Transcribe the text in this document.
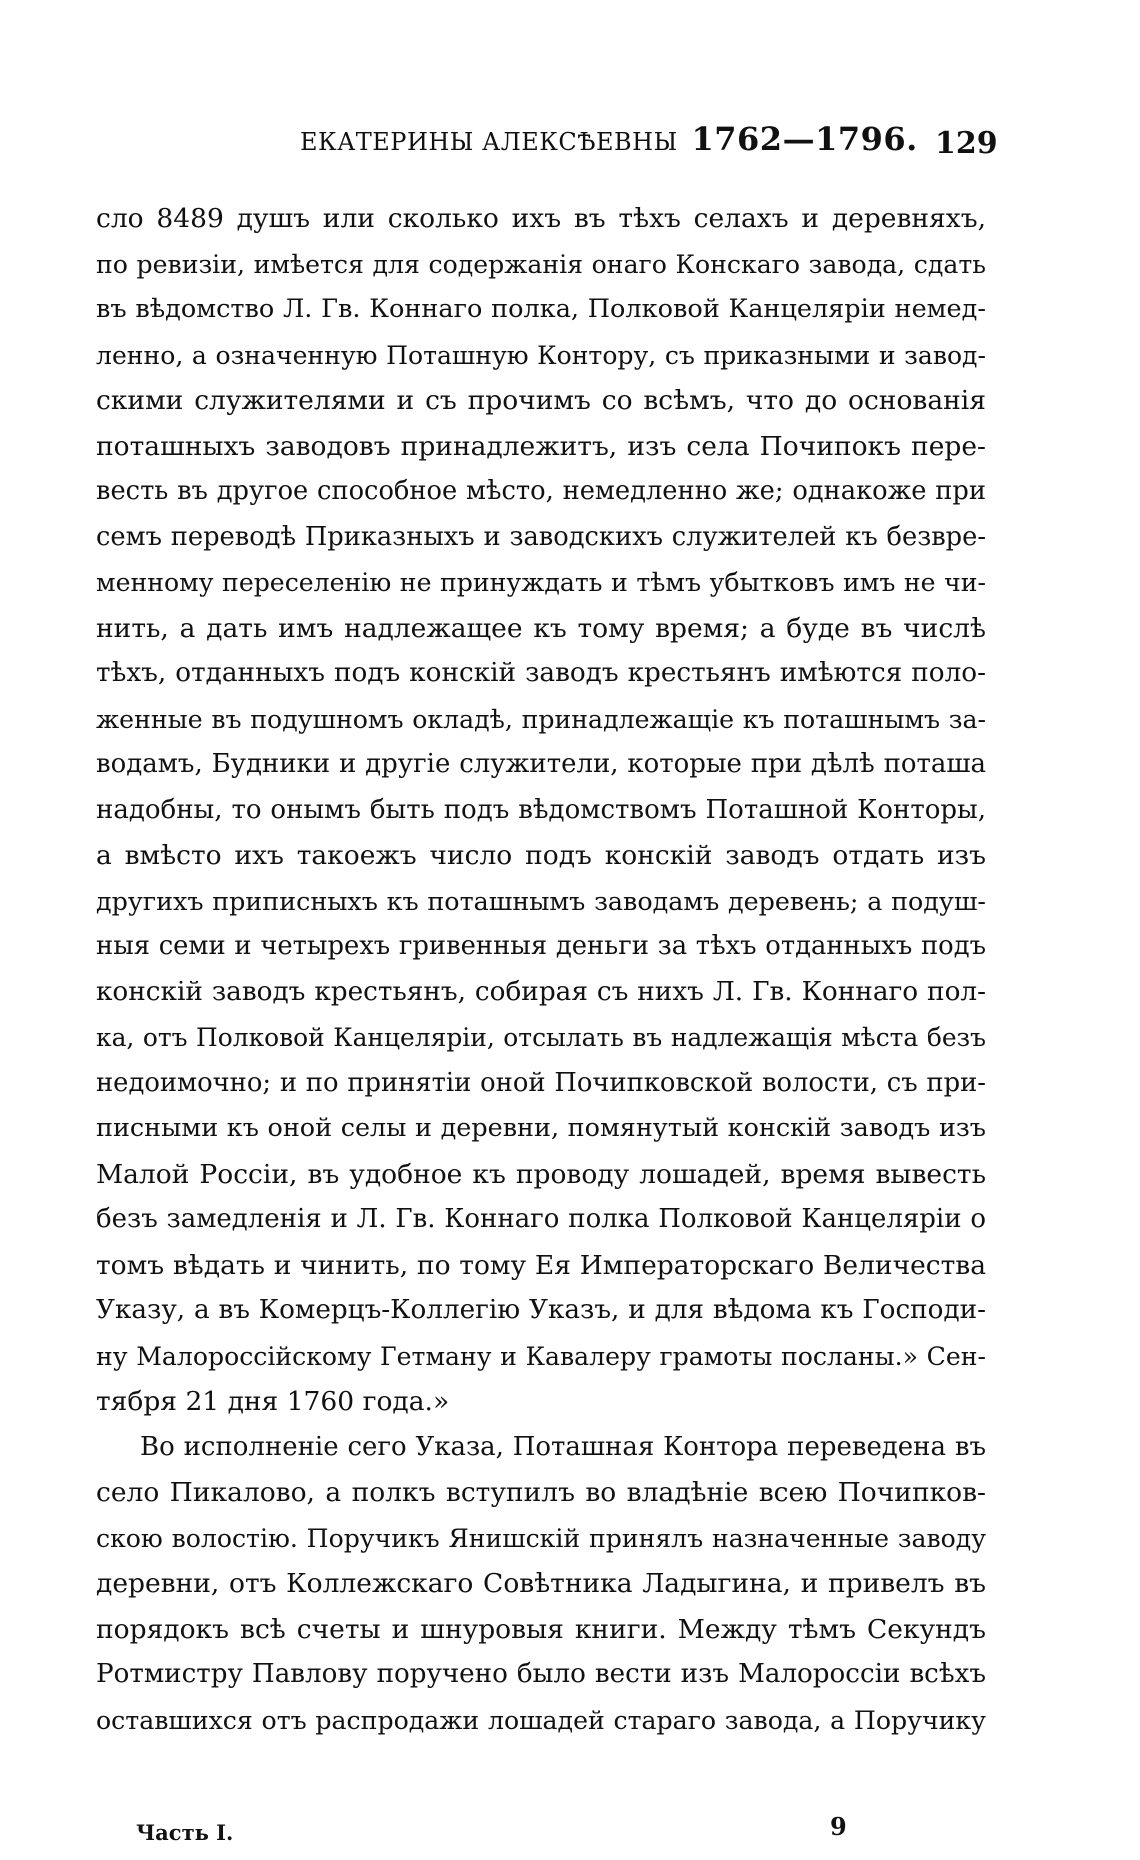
ЕКАТЕРИНЫ АЛЕКСѢЕВНЫ 1762—1796. 129
сло 8489 душъ или сколько ихъ въ тѣхъ селахъ и деревняхъ,
по ревизіи, имѣется для содержанія онаго Конскаго завода, сдать
въ вѣдомство Л. Гв. Коннаго полка, Полковой Канцеляріи немед-
ленно, а означенную Поташную Контору, съ приказными и завод-
скими служителями и съ прочимъ со всѣмъ, что до основанія
поташныхъ заводовъ принадлежитъ, изъ села Почипокъ пере-
весть въ другое способное мѣсто, немедленно же; однакоже при
семъ переводѣ Приказныхъ и заводскихъ служителей къ безвре-
менному переселенію не принуждать и тѣмъ убытковъ имъ не чи-
нить, а дать имъ надлежащее къ тому время; а буде въ числѣ
тѣхъ, отданныхъ подъ конскій заводъ крестьянъ имѣются поло-
женные въ подушномъ окладѣ, принадлежащіе къ поташнымъ за-
водамъ, Будники и другіе служители, которые при дѣлѣ поташа
надобны, то онымъ быть подъ вѣдомствомъ Поташной Конторы,
а вмѣсто ихъ такоежъ число подъ конскій заводъ отдать изъ
другихъ приписныхъ къ поташнымъ заводамъ деревень; а подуш-
ныя семи и четырехъ гривенныя деньги за тѣхъ отданныхъ подъ
конскій заводъ крестьянъ, собирая съ нихъ Л. Гв. Коннаго пол-
ка, отъ Полковой Канцеляріи, отсылать въ надлежащія мѣста безъ
недоимочно; и по принятіи оной Почипковской волости, съ при-
писными къ оной селы и деревни, помянутый конскій заводъ изъ
Малой Россіи, въ удобное къ проводу лошадей, время вывесть
безъ замедленія и Л. Гв. Коннаго полка Полковой Канцеляріи о
томъ вѣдать и чинить, по тому Ея Императорскаго Величества
Указу, а въ Комерцъ-Коллегію Указъ, и для вѣдома къ Господи-
ну Малороссійскому Гетману и Кавалеру грамоты посланы.» Сен-
тября 21 дня 1760 года.»
Во исполненіе сего Указа, Поташная Контора переведена въ
село Пикалово, а полкъ вступилъ во владѣніе всею Почипков-
скою волостію. Поручикъ Янишскій принялъ назначенные заводу
деревни, отъ Коллежскаго Совѣтника Ладыгина, и привелъ въ
порядокъ всѣ счеты и шнуровыя книги. Между тѣмъ Секундъ
Ротмистру Павлову поручено было вести изъ Малороссіи всѣхъ
оставшихся отъ распродажи лошадей стараго завода, а Поручику
Часть I.	9
